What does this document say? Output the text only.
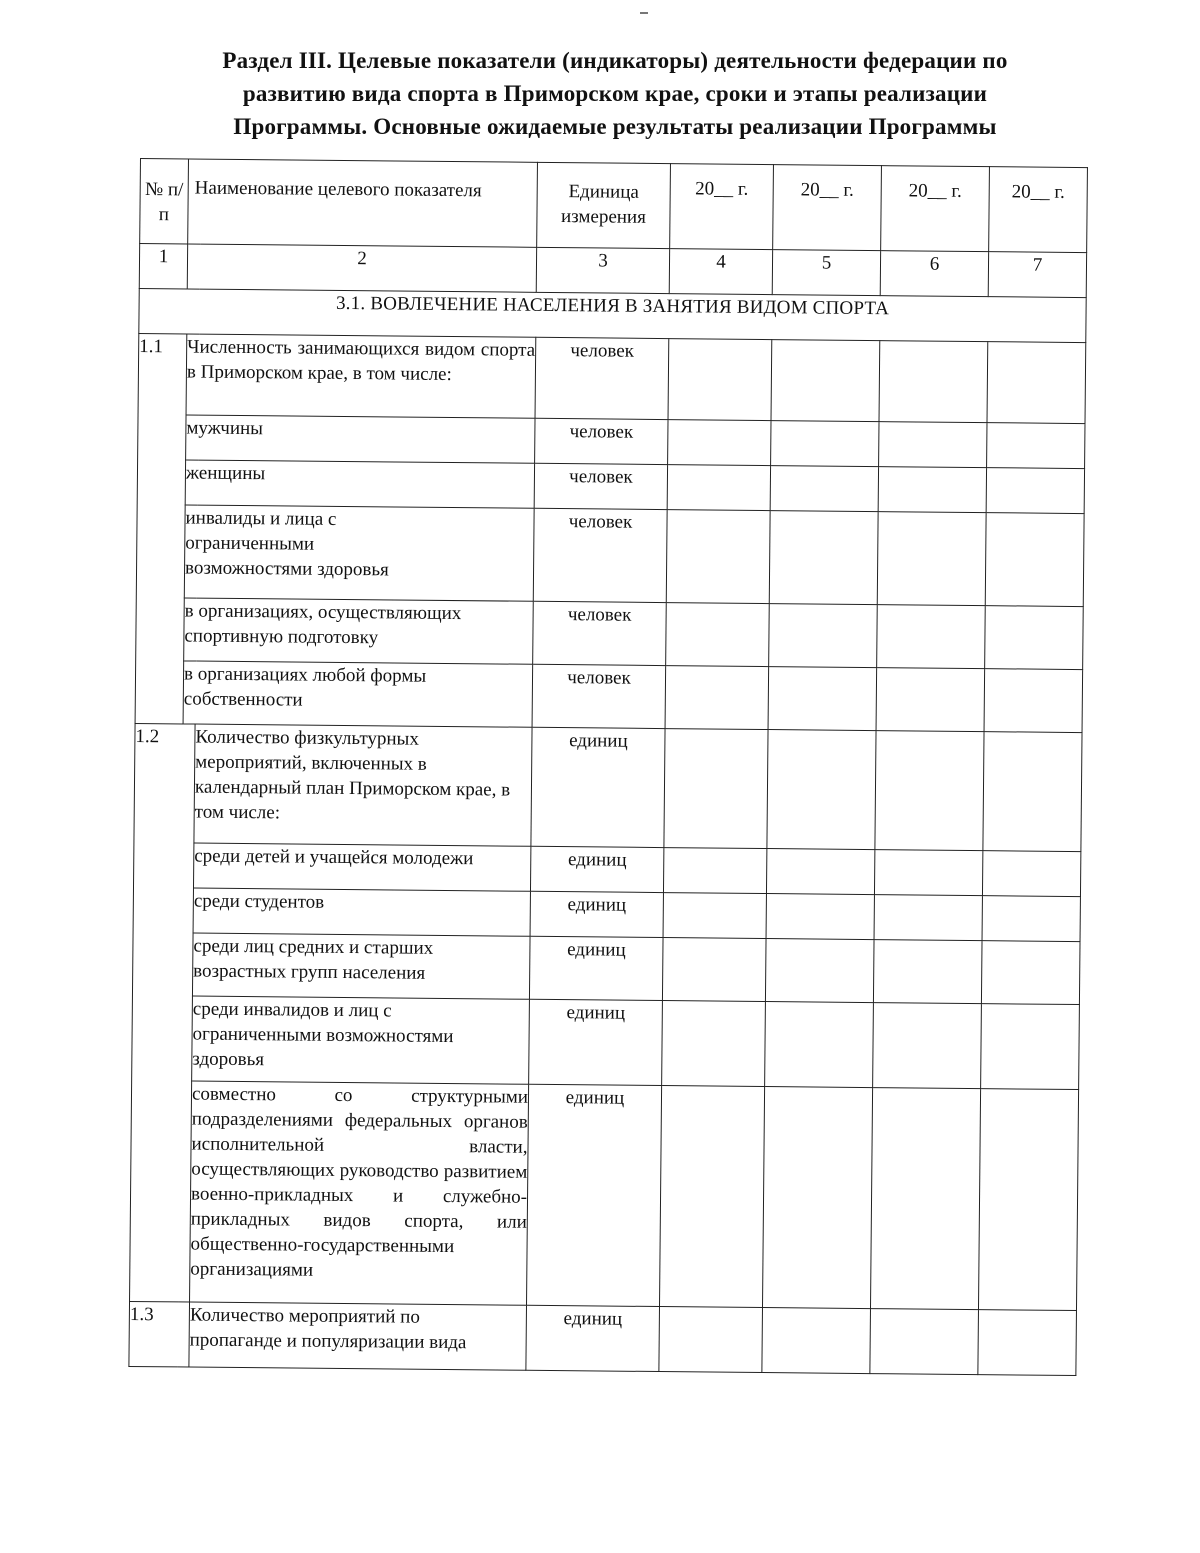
Раздел III. Целевые показатели (индикаторы) деятельности федерации по
развитию вида спорта в Приморском крае, сроки и этапы реализации
Программы. Основные ожидаемые результаты реализации Программы
№ п/п	Наименование целевого показателя		Единица измерения	20__ г.	20__ г.	20__ г.	20__ г.
1	2		3	4	5	6	7
3.1. ВОВЛЕЧЕНИЕ НАСЕЛЕНИЯ В ЗАНЯТИЯ ВИДОМ СПОРТА							
1.1	Численность занимающихся видом спорта в Приморском крае, в том числе:		человек				
	мужчины		человек				
	женщины		человек				
	инвалиды и лица с ограниченными возможностями здоровья		человек				
	в организациях, осуществляющих спортивную подготовку		человек				
	в организациях любой формы собственности		человек				
1.2		Количество физкультурных мероприятий, включенных в календарный план Приморском крае, в том числе:	единиц				
		среди детей и учащейся молодежи	единиц				
		среди студентов	единиц				
		среди лиц средних и старших возрастных групп населения	единиц				
		среди инвалидов и лиц с ограниченными возможностями здоровья	единиц				
		совместно со структурными подразделениями федеральных органов исполнительной власти, осуществляющих руководство развитием военно-прикладных и служебно-прикладных видов спорта, или общественно-государственными организациями	единиц				
1.3		Количество мероприятий по пропаганде и популяризации вида	единиц				
